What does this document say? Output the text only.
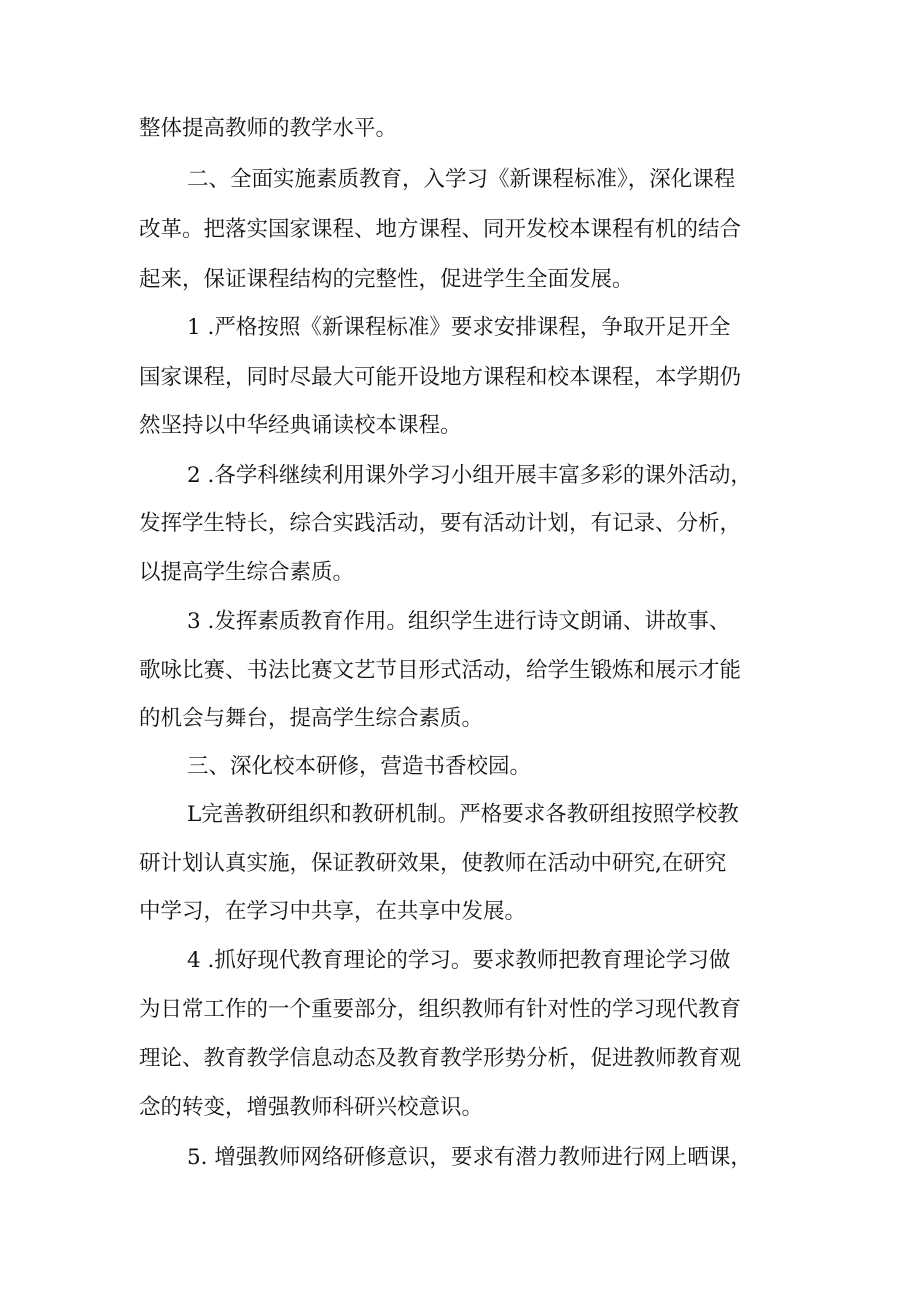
整体提高教师的教学水平。
二、全面实施素质教育，入学习《新课程标准》，深化课程
改革。把落实国家课程、地方课程、同开发校本课程有机的结合
起来，保证课程结构的完整性，促进学生全面发展。
1 .严格按照《新课程标准》要求安排课程，争取开足开全
国家课程，同时尽最大可能开设地方课程和校本课程，本学期仍
然坚持以中华经典诵读校本课程。
2 .各学科继续利用课外学习小组开展丰富多彩的课外活动，
发挥学生特长，综合实践活动，要有活动计划，有记录、分析，
以提高学生综合素质。
3 .发挥素质教育作用。组织学生进行诗文朗诵、讲故事、
歌咏比赛、书法比赛文艺节目形式活动，给学生锻炼和展示才能
的机会与舞台，提高学生综合素质。
三、深化校本研修，营造书香校园。
L完善教研组织和教研机制。严格要求各教研组按照学校教
研计划认真实施，保证教研效果，使教师在活动中研究,在研究
中学习，在学习中共享，在共享中发展。
4 .抓好现代教育理论的学习。要求教师把教育理论学习做
为日常工作的一个重要部分，组织教师有针对性的学习现代教育
理论、教育教学信息动态及教育教学形势分析，促进教师教育观
念的转变，增强教师科研兴校意识。
5. 增强教师网络研修意识，要求有潜力教师进行网上晒课，
